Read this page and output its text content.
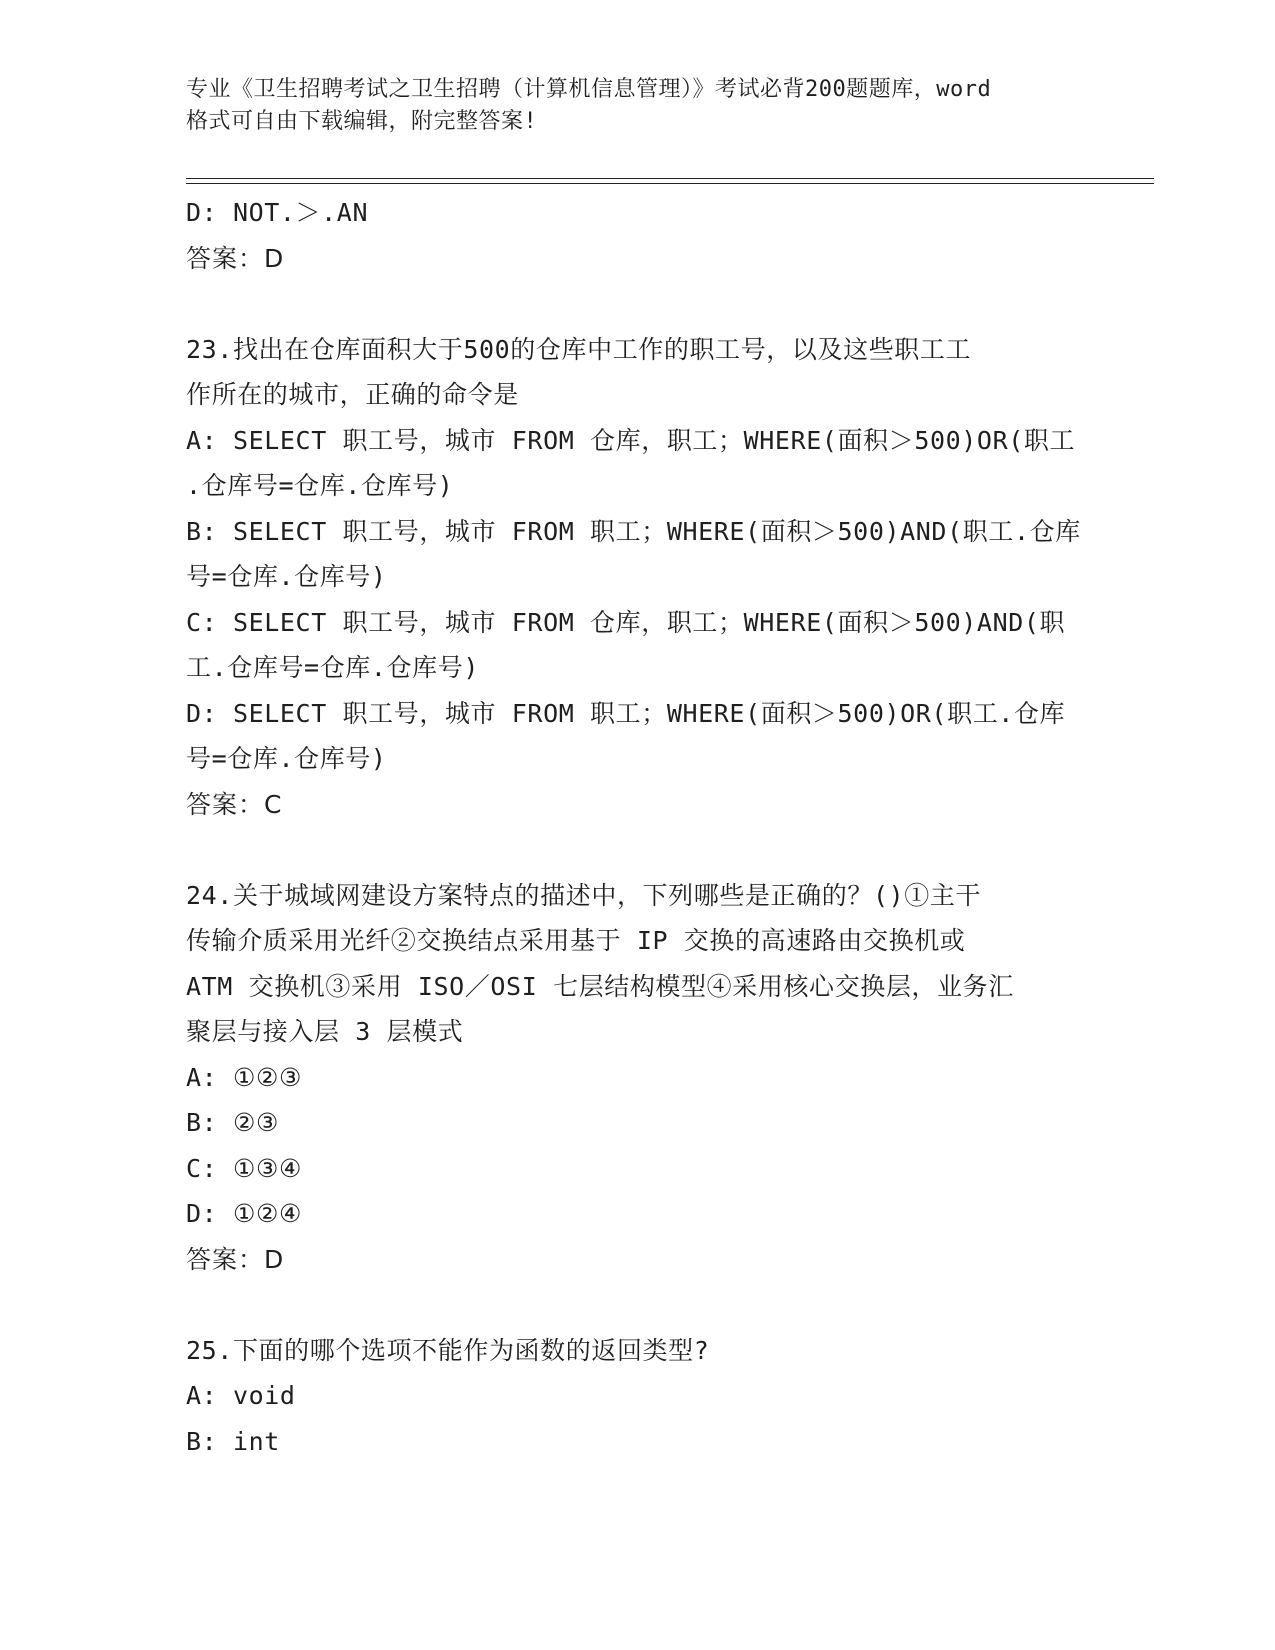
专业《卫生招聘考试之卫生招聘（计算机信息管理）》考试必背200题题库，word
格式可自由下载编辑，附完整答案!
D: NOT.＞.AN
答案：D
23.找出在仓库面积大于500的仓库中工作的职工号，以及这些职工工
作所在的城市，正确的命令是
A: SELECT 职工号，城市 FROM 仓库，职工；WHERE(面积＞500)OR(职工
.仓库号=仓库.仓库号)
B: SELECT 职工号，城市 FROM 职工；WHERE(面积＞500)AND(职工.仓库
号=仓库.仓库号)
C: SELECT 职工号，城市 FROM 仓库，职工；WHERE(面积＞500)AND(职
工.仓库号=仓库.仓库号)
D: SELECT 职工号，城市 FROM 职工；WHERE(面积＞500)OR(职工.仓库
号=仓库.仓库号)
答案：C
24.关于城域网建设方案特点的描述中，下列哪些是正确的？()①主干
传输介质采用光纤②交换结点采用基于 IP 交换的高速路由交换机或
ATM 交换机③采用 ISO／OSI 七层结构模型④采用核心交换层，业务汇
聚层与接入层 3 层模式
A: ①②③
B: ②③
C: ①③④
D: ①②④
答案：D
25.下面的哪个选项不能作为函数的返回类型?
A: void
B: int
